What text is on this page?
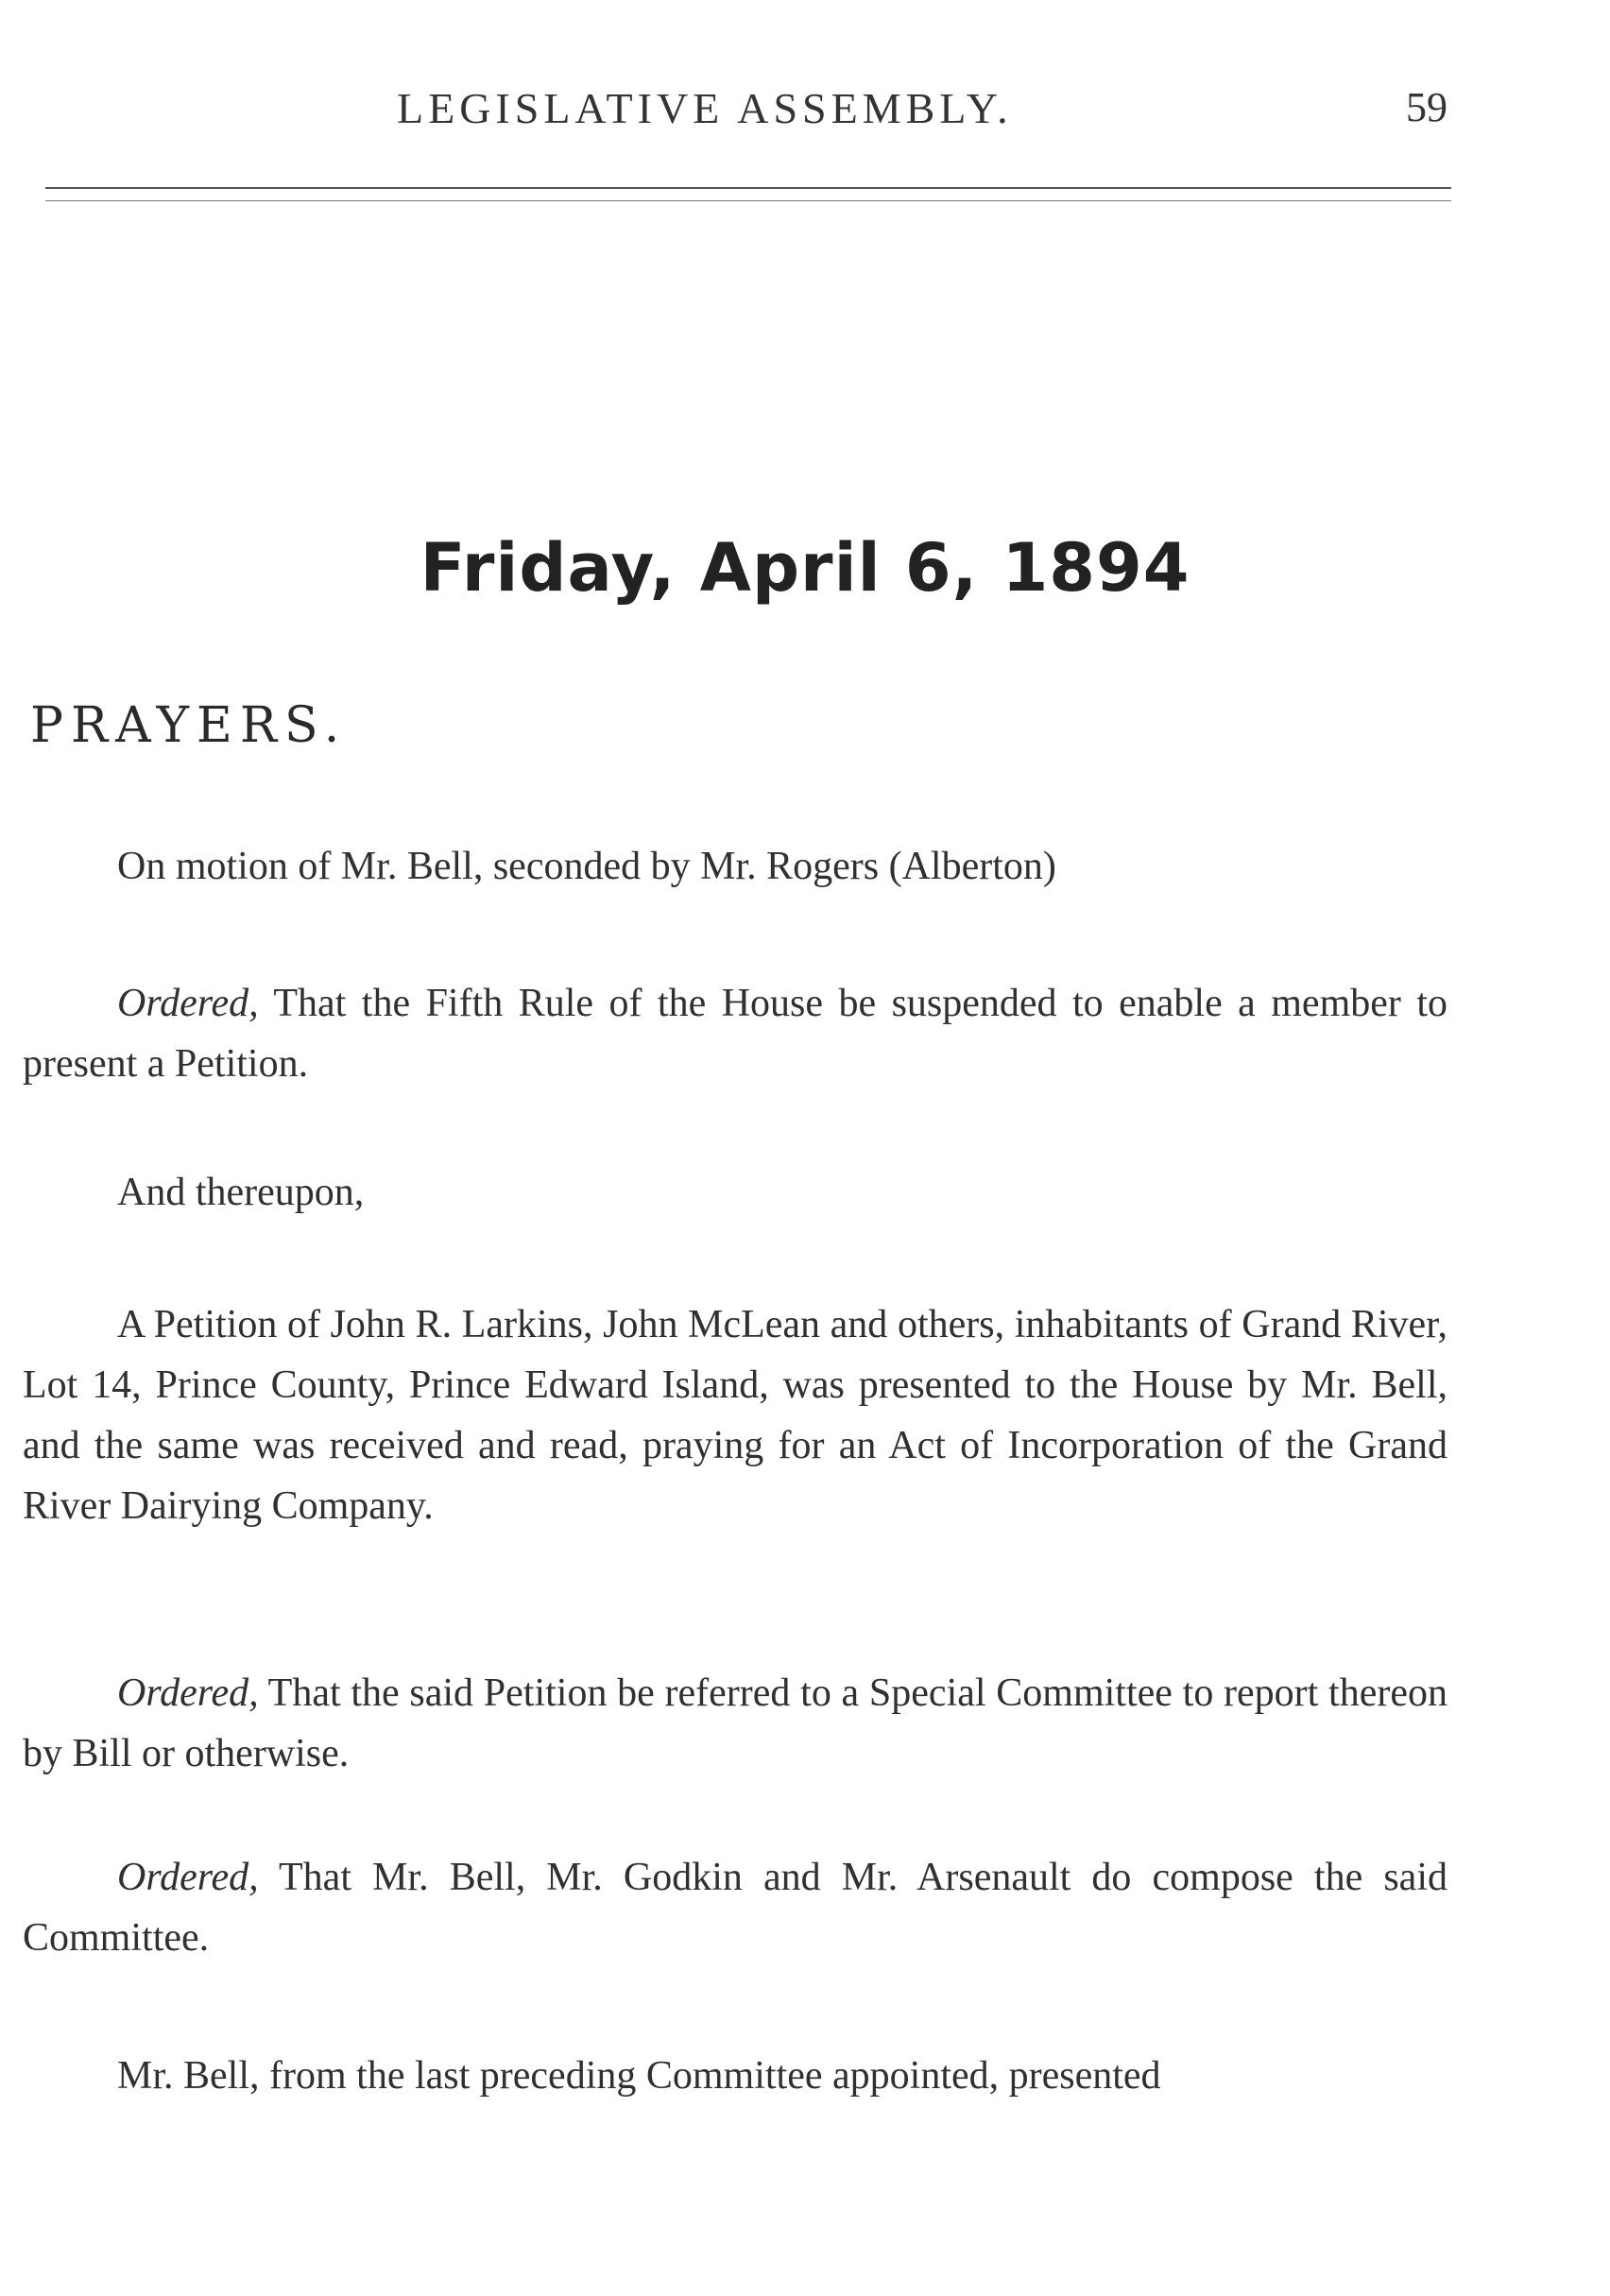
LEGISLATIVE ASSEMBLY.	59
Friday, April 6, 1894
PRAYERS.

On motion of Mr. Bell, seconded by Mr. Rogers (Alberton)

Ordered, That the Fifth Rule of the House be suspended to enable a member to present a Petition.

And thereupon,

A Petition of John R. Larkins, John McLean and others, inhabitants of Grand River, Lot 14, Prince County, Prince Edward Island, was presented to the House by Mr. Bell, and the same was received and read, praying for an Act of Incorporation of the Grand River Dairying Company.

Ordered, That the said Petition be referred to a Special Committee to report thereon by Bill or otherwise.

Ordered, That Mr. Bell, Mr. Godkin and Mr. Arsenault do compose the said Committee.

Mr. Bell, from the last preceding Committee appointed, presented
